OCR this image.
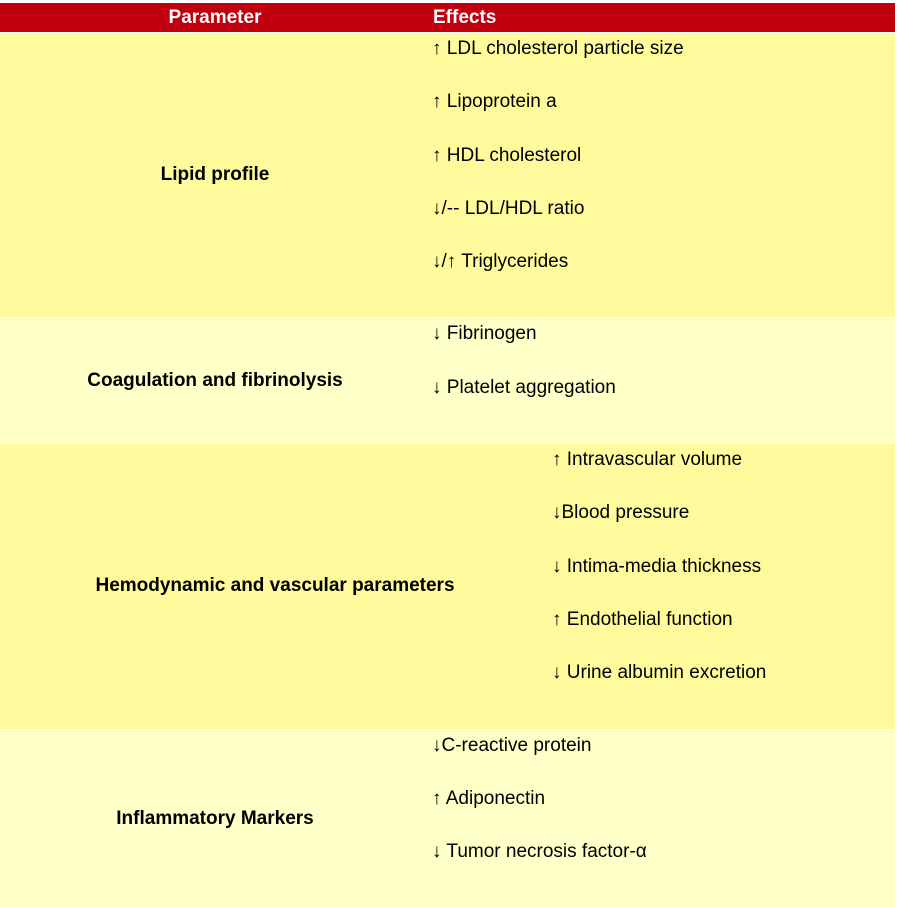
Parameter	Effects
Lipid profile
↑ LDL cholesterol particle size
↑ Lipoprotein a
↑ HDL cholesterol
↓/-- LDL/HDL ratio
↓/↑ Triglycerides
Coagulation and fibrinolysis
↓ Fibrinogen
↓ Platelet aggregation
Hemodynamic and vascular parameters
↑ Intravascular volume
↓Blood pressure
↓ Intima-media thickness
↑ Endothelial function
↓ Urine albumin excretion
Inflammatory Markers
↓C-reactive protein
↑ Adiponectin
↓ Tumor necrosis factor-α
